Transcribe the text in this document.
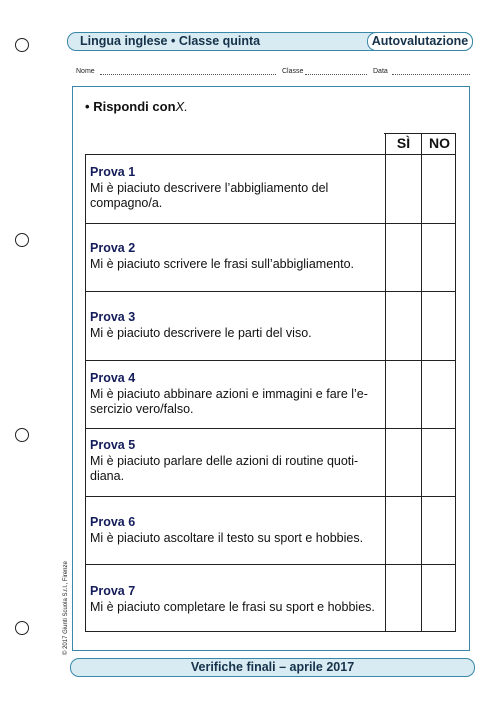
Lingua inglese • Classe quinta	Autovalutazione
Nome	Classe	Data
• Rispondi conX.
SÌ	NO
Prova 1
Mi è piaciuto descrivere l’abbigliamento del compagno/a.
Prova 2
Mi è piaciuto scrivere le frasi sull’abbigliamento.
Prova 3
Mi è piaciuto descrivere le parti del viso.
Prova 4
Mi è piaciuto abbinare azioni e immagini e fare l’e-sercizio vero/falso.
Prova 5
Mi è piaciuto parlare delle azioni di routine quoti-diana.
Prova 6
Mi è piaciuto ascoltare il testo su sport e hobbies.
Prova 7
Mi è piaciuto completare le frasi su sport e hobbies.
Verifiche finali – aprile 2017
© 2017 Giunti Scuola S.r.l., Firenze
